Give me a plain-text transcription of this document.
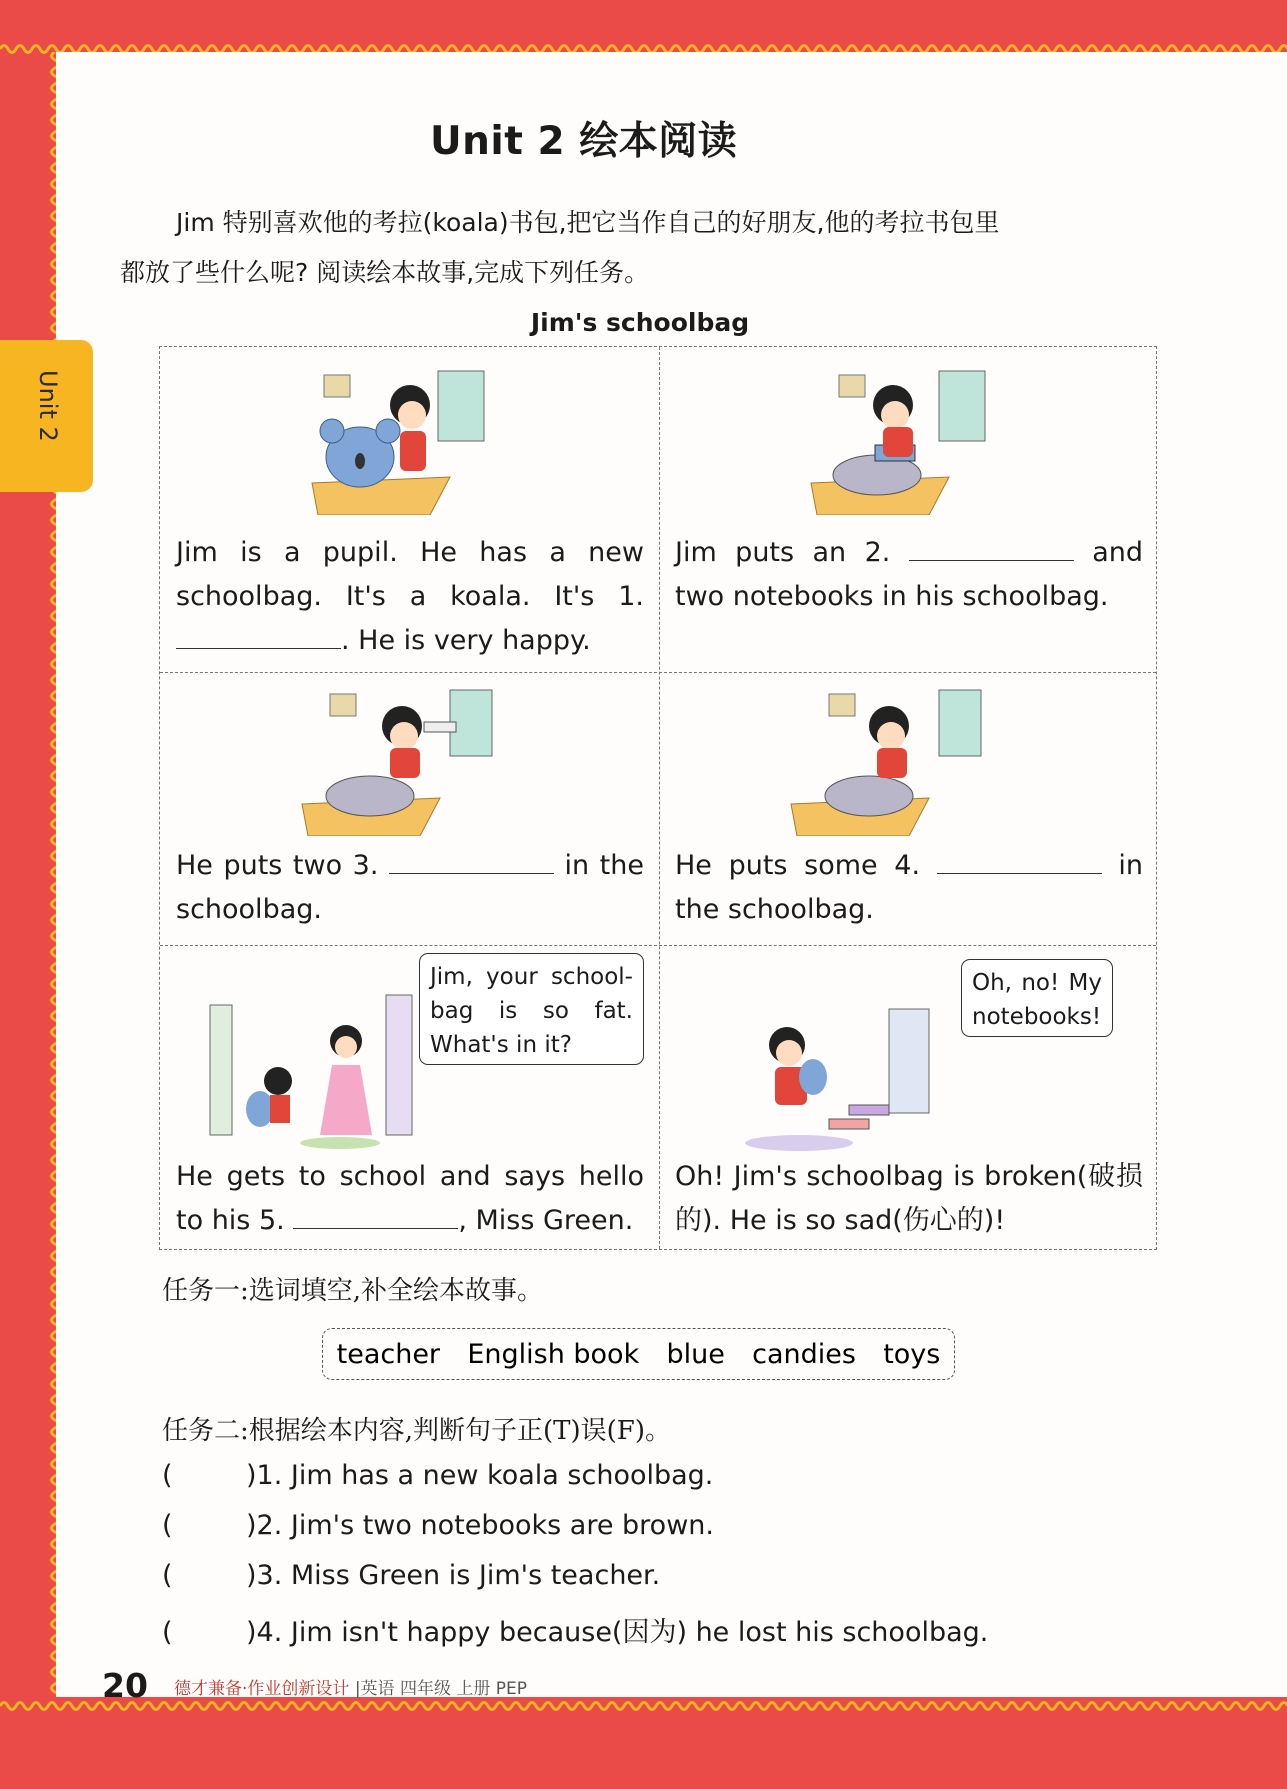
Unit 2
Unit 2 绘本阅读
Jim 特别喜欢他的考拉(koala)书包,把它当作自己的好朋友,他的考拉书包里
都放了些什么呢? 阅读绘本故事,完成下列任务。
Jim's schoolbag
Jim is a pupil. He has a new schoolbag. It's a koala. It's 1. . He is very happy.
Jim puts an 2.	and two notebooks in his schoolbag.
He puts two 3.	in the schoolbag.
He puts some 4.	in the schoolbag.
Jim, your school-bag is so fat. What's in it?
He gets to school and says hello to his 5.	, Miss Green.
Oh, no! My notebooks!
Oh! Jim's schoolbag is broken(破损的). He is so sad(伤心的)!
任务一:选词填空,补全绘本故事。
teacher English book blue candies toys
任务二:根据绘本内容,判断句子正(T)误(F)。
(	)1. Jim has a new koala schoolbag.
(	)2. Jim's two notebooks are brown.
(	)3. Miss Green is Jim's teacher.
(	)4. Jim isn't happy because(因为) he lost his schoolbag.
20 德才兼备·作业创新设计 |英语 四年级 上册 PEP
